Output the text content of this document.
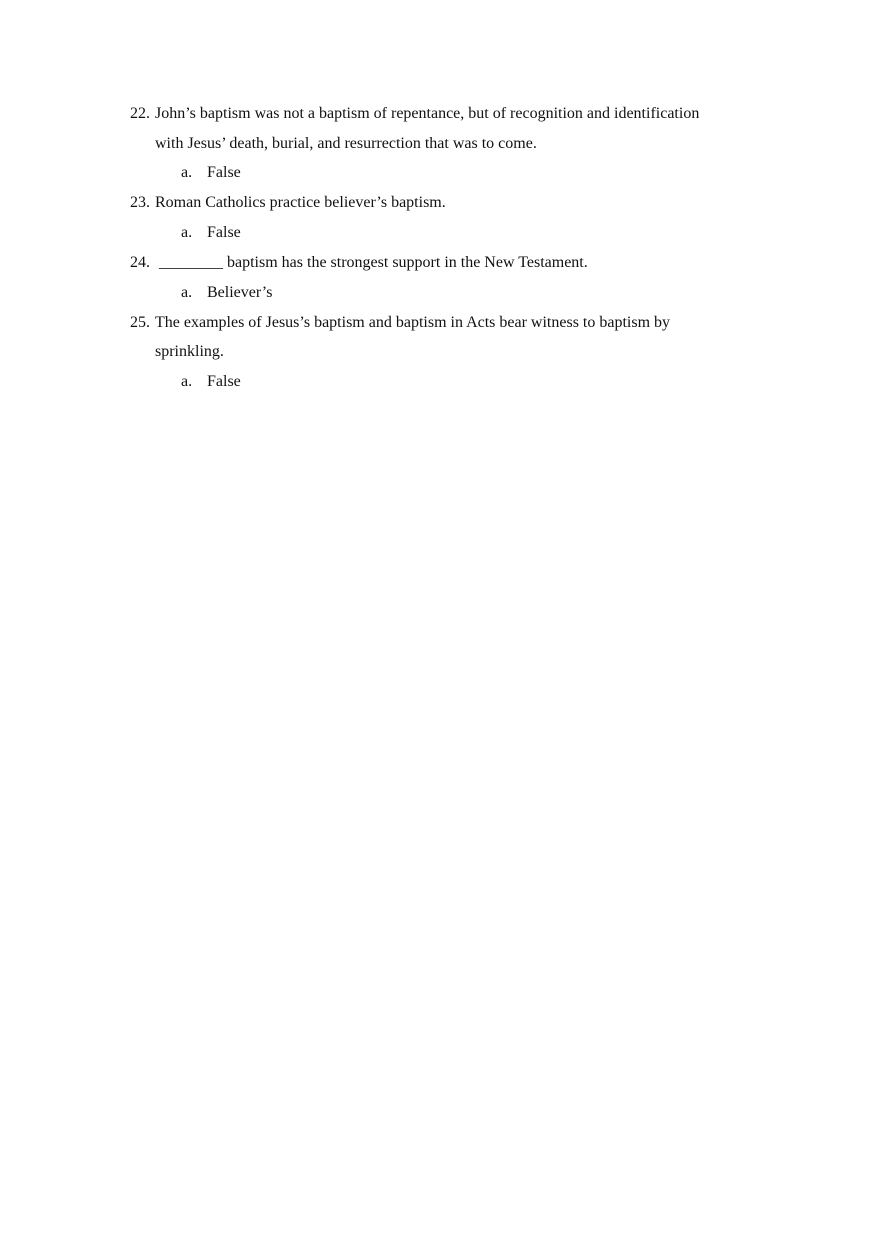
22. John’s baptism was not a baptism of repentance, but of recognition and identification
with Jesus’ death, burial, and resurrection that was to come.
a. False
23. Roman Catholics practice believer’s baptism.
a. False
24. ________ baptism has the strongest support in the New Testament.
a. Believer’s
25. The examples of Jesus’s baptism and baptism in Acts bear witness to baptism by
sprinkling.
a. False
